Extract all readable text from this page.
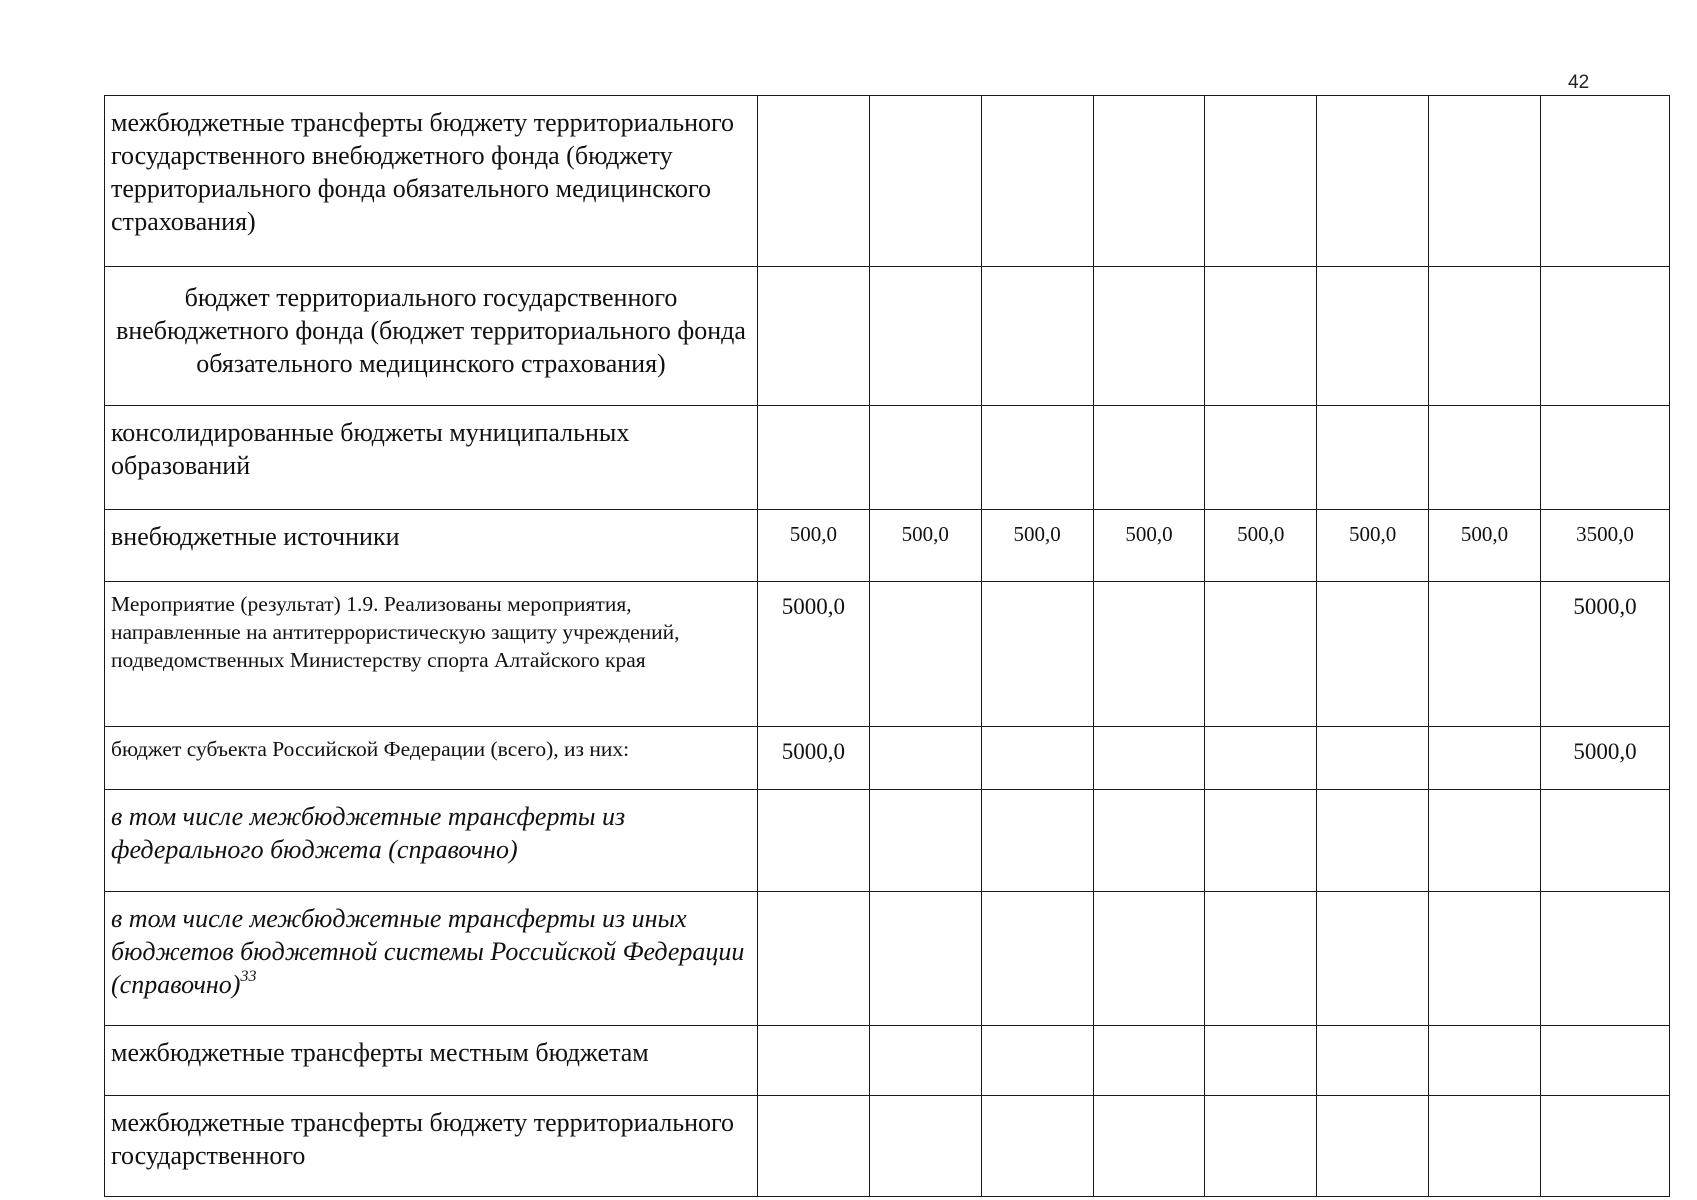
42
межбюджетные трансферты бюджету территориального государственного внебюджетного фонда (бюджету территориального фонда обязательного медицинского страхования)								
бюджет территориального государственного внебюджетного фонда (бюджет территориального фонда обязательного медицинского страхования)								
консолидированные бюджеты муниципальных образований								
внебюджетные источники	500,0	500,0	500,0	500,0	500,0	500,0	500,0	3500,0
Мероприятие (результат) 1.9. Реализованы мероприятия, направленные на антитеррористическую защиту учреждений, подведомственных Министерству спорта Алтайского края	5000,0							5000,0
бюджет субъекта Российской Федерации (всего), из них:	5000,0							5000,0
в том числе межбюджетные трансферты из федерального бюджета (справочно)								
в том числе межбюджетные трансферты из иных бюджетов бюджетной системы Российской Федерации (справочно)$^{33}$								
межбюджетные трансферты местным бюджетам								
межбюджетные трансферты бюджету территориального государственного								
